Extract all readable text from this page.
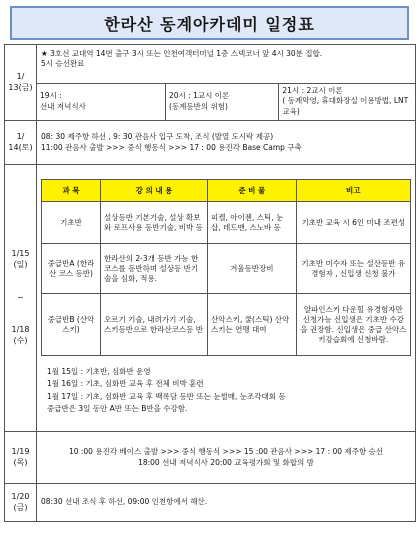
한라산 동계아카데미 일정표
1/
13(금)

★ 3호선 교대역 14번 출구 3시 또는 인천여객터미널 1층 스넥코너 앞 4시 30분 집합.
5시 승선완료
19시 :
선내 저녁식사

20시 : 1교시 이론
(동계등반의 위험)

21시 : 2교시 이론
( 동계막영, 휴대화장실 이용방법, LNT교육)

1/
14(토)

08: 30 제주항 하선 , 9: 30 관음사 입구 도착, 조식 (발열 도시락 제공)
11:00 관음사 출발 >>> 중식 행동식 >>> 17 : 00 용진각 Base Camp 구축

1/15
(일)
~
1/18
(수)

과 목	강 의 내 용	준 비 물	비고
기초반	설상등반 기본기술, 설상 확보와 로프사용 등반기술, 비박 등	피켈, 아이젠, 스틱, 눈삽, 데드맨, 스노바 등	기초반 교육 시 6인 미내 조편성
중급반A (한라산 코스 등반)	한라산의 2-3개 등반 가능 한 코스를 등반하며 설상등 반기술을 심화, 적용.	겨울등반장비	기초반 미수자 또는 설산등반 유경험자 , 신입생 신청 불가
중급반B (산악스키)	오르기 기술, 내려가기 기술, 스키등반으로 한라산코스등 반	산악스키, 쿨(스틱) 산악스키는 연맹 대여	알파인스키 다운힐 유경험자만 신청가능 신입생은 기초반 수강을 권장함. 신입생은 중급 산악스키강습회에 신청바람.
1월 15일 : 기초반, 심화반 운영
1월 16일 : 기초, 심화반 교육 후 전체 비박 훈련
1월 17일 : 기초, 심화반 교육 후 백록담 등반 또는 눈썰매, 눈조각대회 등
중급반은 3일 동안 A반 또는 B반을 수강함.

1/19
(목)

10 :00 용진각 베이스 출발 >>> 중식 행동식 >>> 15 :00 관음사 >>> 17 : 00 제주항 승선
18:00 선내 저녁식사 20:00 교육평가회 및 화합의 밤

1/20
(금)

08:30 선내 조식 후 하선, 09:00 인천항에서 해산.
